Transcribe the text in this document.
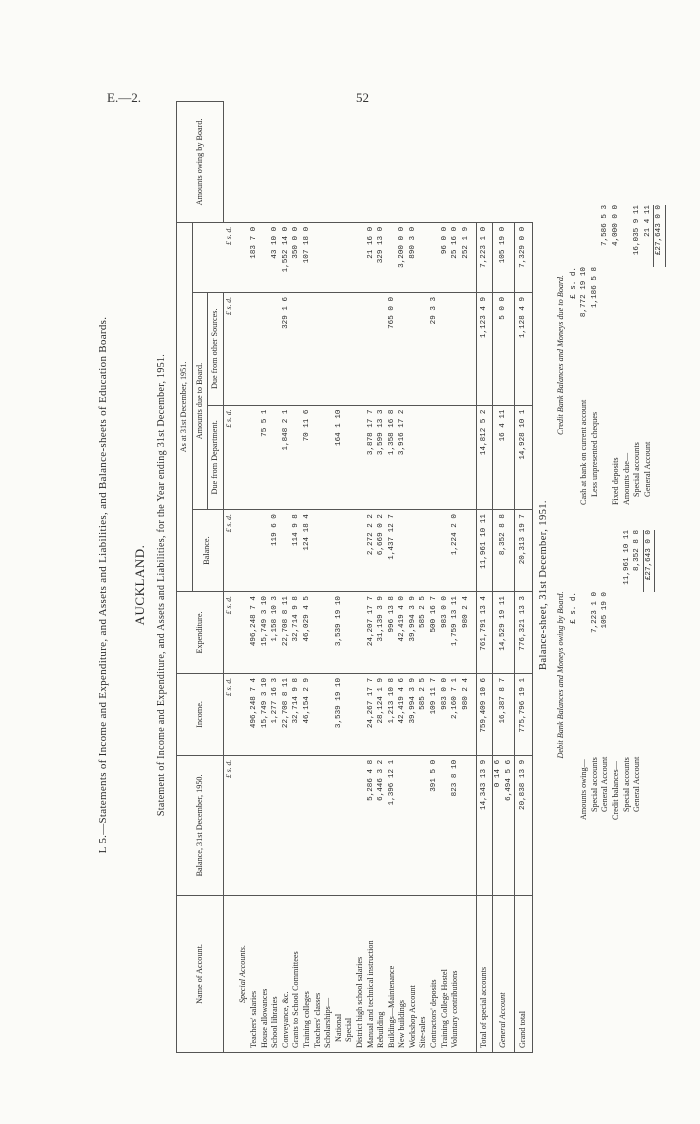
E.—2.	52
L 5.—Statements of Income and Expenditure, and Assets and Liabilities, and Balance-sheets of Education Boards. AUCKLAND. Statement of Income and Expenditure, and Assets and Liabilities, for the Year ending 31st December, 1951.
Name of Account.	Balance, 31st December, 1950.	Income.	Expenditure.	As at 31st December, 1951.				Amounts owing by Board.
				Balance.	Amounts due to Board.			
					Due from Department.	Due from other Sources.		
	£ s. d.	£ s. d.	£ s. d.	£ s. d.	£ s. d.	£ s. d.	£ s. d.	
Special Accounts.								
Teachers' salaries		496,248 7 4	496,248 7 4				183 7 0	
House allowances		15,749 3 10	15,749 3 10		75 5 1			
School libraries		1,277 16 3	1,158 10 3	119 6 0			43 10 0	
Conveyance, &c.		22,708 8 11	22,708 8 11		1,848 2 1	329 1 6	1,552 14 0	
Grants to School Committees		32,714 9 8	32,714 9 8	114 9 8			350 0 0	
Training colleges		46,154 2 9	46,029 4 5	124 18 4	70 11 6		107 18 0	
Teachers' classes								
Scholarships—								
National		3,539 19 10	3,539 19 10		164 1 10			
Special								
District high school salaries								
Manual and technical instruction	5,286 4 8	24,267 17 7	24,207 17 7	2,272 2 2	3,878 17 7		21 16 0	
Rebuilding	6,446 3 2	28,124 1 9	31,139 3 9	6,669 0 2	3,599 13 3		329 13 0	
Buildings—Maintenance	1,396 12 1	1,213 10 8	996 13 8	1,437 12 7	1,358 16 8	765 0 0		
New buildings		42,419 4 6	42,419 4 0		3,916 17 2		3,200 0 0	
Workshop Account		39,994 3 9	39,994 3 9				890 3 0	
Site-sales		585 2 5	585 2 5					
Contractors' deposits	391 5 0	109 11 7	500 16 7			29 3 3		
Training College Hostel		983 0 0	983 0 0				96 0 0	
Voluntary contributions	823 8 10	2,160 7 1	1,759 13 11	1,224 2 0			25 16 0	
		980 2 4	980 2 4				252 1 9	

Total of special accounts	14,343 13 9	759,409 10 6	761,791 13 4	11,961 10 11	14,812 5 2	1,123 4 9	7,223 1 0	
General Account	0 14 6 6,494 5 6	16,387 8 7	14,529 19 11	8,352 8 8	16 4 11	5 0 0	105 19 0	
Grand total	20,838 13 9	775,796 19 1	776,321 13 3	20,313 19 7	14,928 10 1	1,128 4 9	7,329 0 0	
Balance-sheet, 31st December, 1951.
Debit Bank Balances and Moneys owing by Board. £ s. d.
Amounts owing— Special accounts
7,223 1 0
General Account
105 19 0
Credit balances— Special accounts
11,961 10 11
General Account
8,352 8 8 £27,643 0 0
Credit Bank Balances and Moneys due to Board. £ s. d.
Cash at bank on current account
8,772 19 10
Less unpresented cheques
1,186 5 8
7,586 5 3
Fixed deposits
4,000 0 0
Amounts due— Special accounts
16,035 9 11
General Account
21 4 11 £27,643 0 0
